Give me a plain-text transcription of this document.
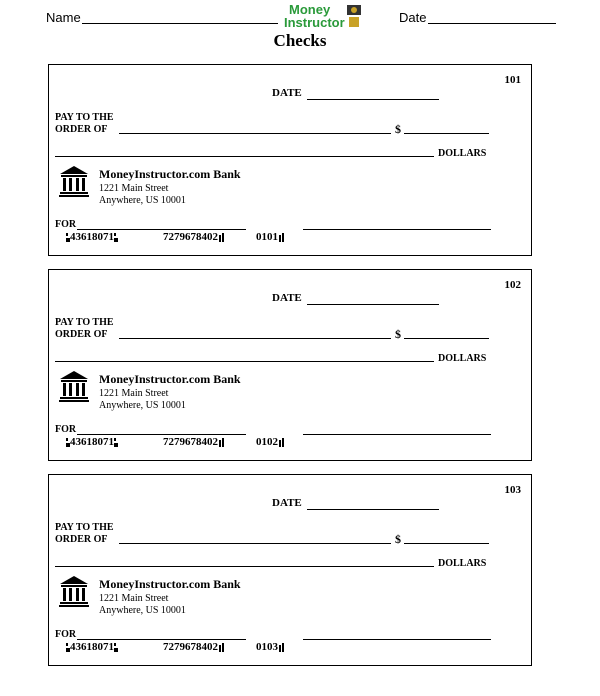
Name
Money
Instructor	Date
Checks
101
DATE
PAY TO THE
ORDER OF	$
DOLLARS
MoneyInstructor.com Bank
1221 Main Street
Anywhere, US 10001
FOR
43618071	7279678402	0101
102
DATE
PAY TO THE
ORDER OF	$
DOLLARS
MoneyInstructor.com Bank
1221 Main Street
Anywhere, US 10001
FOR
43618071	7279678402	0102
103
DATE
PAY TO THE
ORDER OF	$
DOLLARS
MoneyInstructor.com Bank
1221 Main Street
Anywhere, US 10001
FOR
43618071	7279678402	0103
